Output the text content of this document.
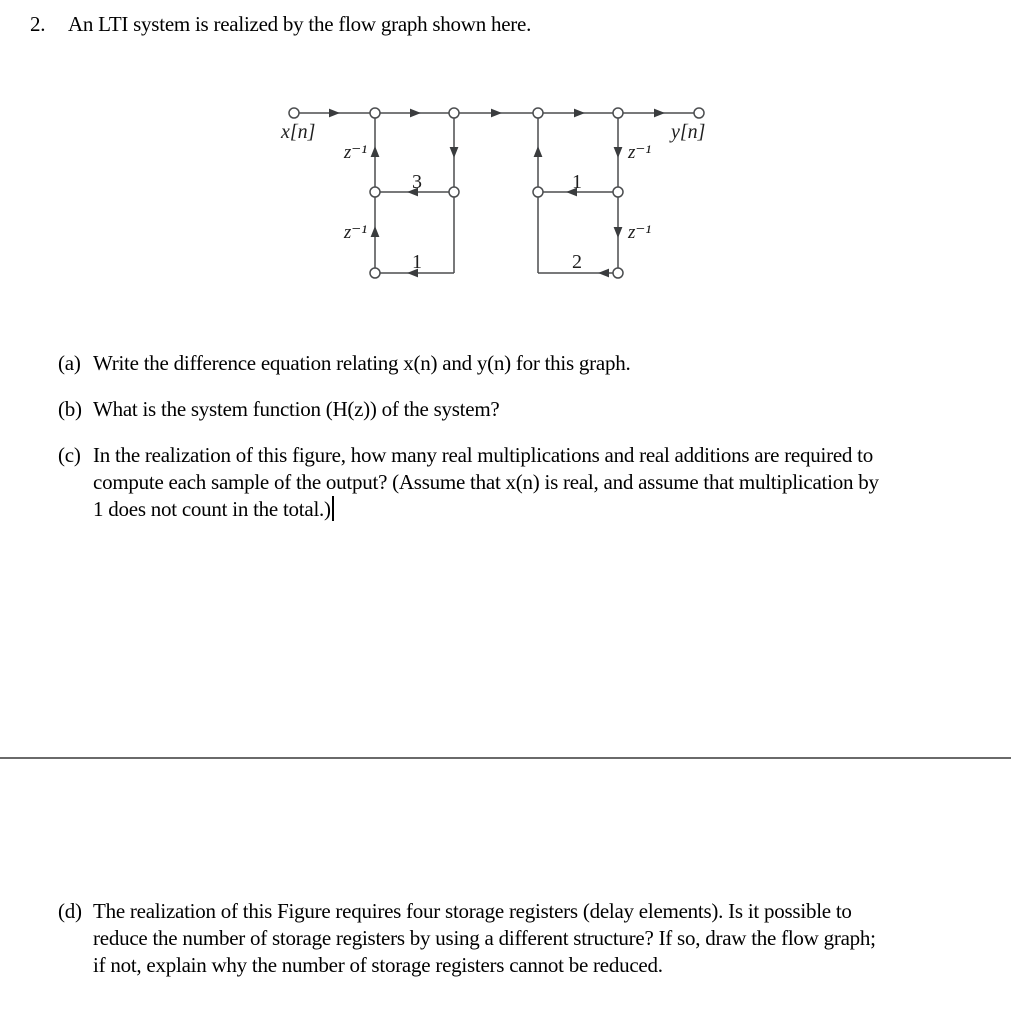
2. An LTI system is realized by the flow graph shown here.
x[n]	y[n]
z⁻¹
z⁻¹
z⁻¹
z⁻¹
3
1
1
2
(a) Write the difference equation relating x(n) and y(n) for this graph.
(b) What is the system function (H(z)) of the system?
(c) In the realization of this figure, how many real multiplications and real additions are required to
compute each sample of the output? (Assume that x(n) is real, and assume that multiplication by
1 does not count in the total.)
(d) The realization of this Figure requires four storage registers (delay elements). Is it possible to
reduce the number of storage registers by using a different structure? If so, draw the flow graph;
if not, explain why the number of storage registers cannot be reduced.
